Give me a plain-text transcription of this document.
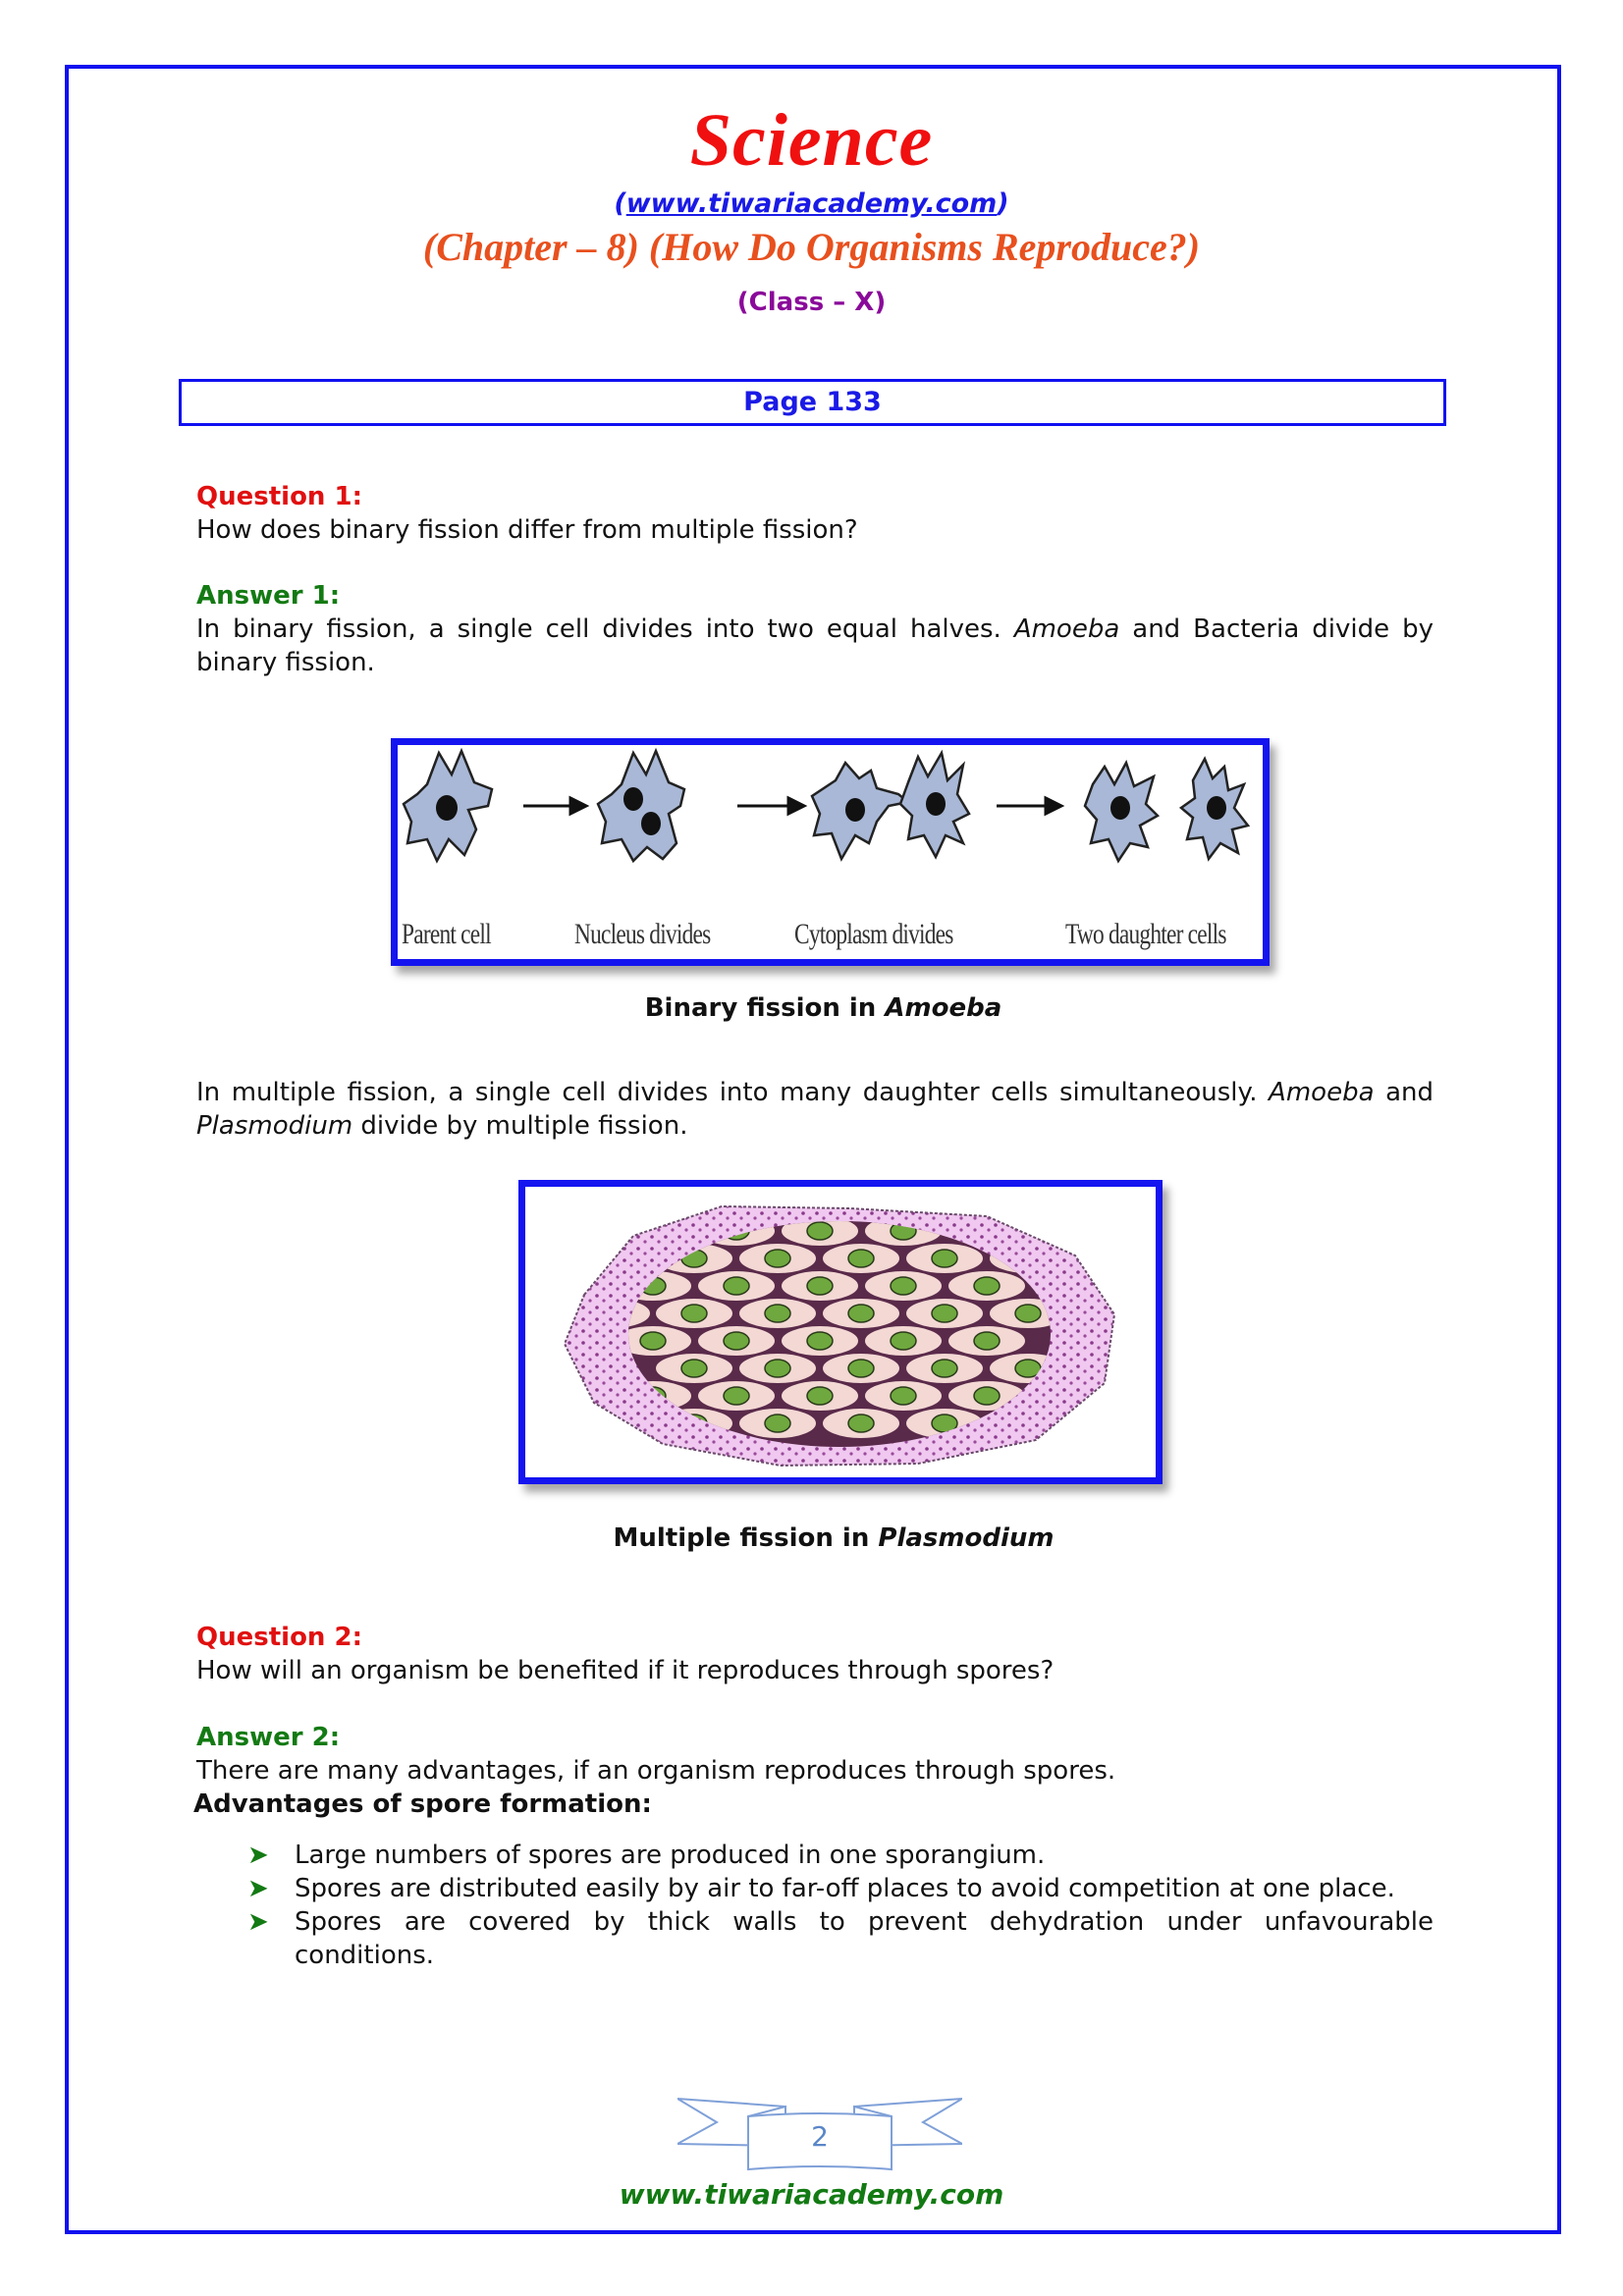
Science
(www.tiwariacademy.com)
(Chapter – 8) (How Do Organisms Reproduce?)
(Class – X)
Page 133
Question 1:
How does binary fission differ from multiple fission?
Answer 1:
In binary fission, a single cell divides into two equal halves. Amoeba and Bacteria divide by binary fission.
Parent cell	Nucleus divides	Cytoplasm divides	Two daughter cells
Binary fission in Amoeba
In multiple fission, a single cell divides into many daughter cells simultaneously. Amoeba and Plasmodium divide by multiple fission.
Multiple fission in Plasmodium
Question 2:
How will an organism be benefited if it reproduces through spores?
Answer 2:
There are many advantages, if an organism reproduces through spores.
Advantages of spore formation:
➤ Large numbers of spores are produced in one sporangium.
➤ Spores are distributed easily by air to far-off places to avoid competition at one place.
➤ Spores are covered by thick walls to prevent dehydration under unfavourable conditions.
2
www.tiwariacademy.com
